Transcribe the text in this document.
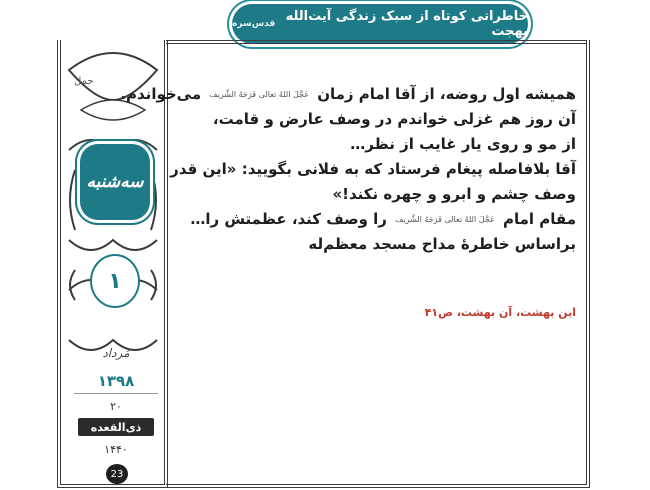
خاطراتی کوتاه از سبک زندگی آیت‌الله بهجت
قدس‌سره
حمل
سه‌شنبه
۱
مُرداد
۱۳۹۸
۲۰
ذی‌القعده
۱۴۴۰
23

همیشه اول روضه، از آقا امام زمان عَجَّلَ اللهُ تعالی فَرَجَهُ الشَّریف می‌خواندم.

آن روز هم غزلی خواندم در وصف عارض و قامت،

از مو و روی یار غایب از نظر…

آقا بلافاصله پیغام فرستاد که به فلانی بگویید: «این قدر

وصف چشم و ابرو و چهره نکند!»

مقام امام عَجَّلَ اللهُ تعالی فَرَجَهُ الشَّریف را وصف کند، عظمتش را…

براساس خاطرهٔ مداح مسجد معظم‌له

این بهشت، آن بهشت، ص۴۱
